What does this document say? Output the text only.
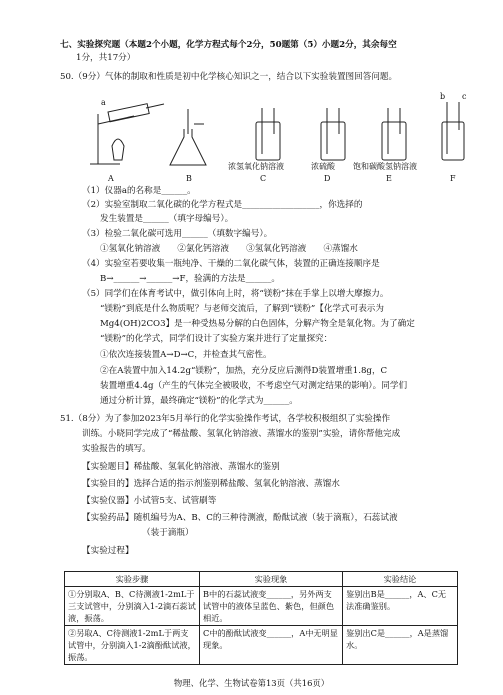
七、实验探究题（本题2个小题，化学方程式每个2分，50题第（5）小题2分，其余每空
1分，共17分）
50.（9分）气体的制取和性质是初中化学核心知识之一，结合以下实验装置图回答问题。
a
b c
浓氢氧化钠溶液	浓硫酸 饱和碳酸氢钠溶液
A	B	C	D	E	F
（1）仪器a的名称是______。
（2）实验室制取二氧化碳的化学方程式是__________________，你选择的
发生装置是______（填字母编号）。
（3）检验二氧化碳可选用______（填数字编号）。
①氢氧化钠溶液　　②氯化钙溶液　　③氢氧化钙溶液　　④蒸馏水
（4）实验室若要收集一瓶纯净、干燥的二氧化碳气体，装置的正确连接顺序是
B→______→______→F，验满的方法是______。
（5）同学们在体育考试中，做引体向上时，将“镁粉”抹在手掌上以增大摩擦力。
“镁粉”到底是什么物质呢？与老师交流后，了解到“镁粉”【化学式可表示为
Mg4(OH)2CO3】是一种受热易分解的白色固体，分解产物全是氧化物。为了确定
“镁粉”的化学式，同学们设计了实验方案并进行了定量探究：
①依次连接装置A→D→C，并检查其气密性。
②在A装置中加入14.2g“镁粉”，加热，充分反应后测得D装置增重1.8g，C
装置增重4.4g（产生的气体完全被吸收，不考虑空气对测定结果的影响）。同学们
通过分析计算，最终确定“镁粉”的化学式为______。
51.（8分）为了参加2023年5月举行的化学实验操作考试，各学校积极组织了实验操作
训练。小晓同学完成了“稀盐酸、氢氧化钠溶液、蒸馏水的鉴别”实验，请你帮他完成
实验报告的填写。
【实验题目】稀盐酸、氢氧化钠溶液、蒸馏水的鉴别
【实验目的】选择合适的指示剂鉴别稀盐酸、氢氧化钠溶液、蒸馏水
【实验仪器】小试管5支、试管刷等
【实验药品】随机编号为A、B、C的三种待测液，酚酞试液（装于滴瓶），石蕊试液
（装于滴瓶）
【实验过程】
实验步骤	实验现象	实验结论
①分别取A、B、C待测液1-2mL于三支试管中，分别滴入1-2滴石蕊试液，振荡。	B中的石蕊试液变______，另外两支试管中的液体呈蓝色、紫色，但颜色相近。	鉴别出B是______，A、C无法准确鉴别。
②另取A、C待测液1-2mL于两支试管中，分别滴入1-2滴酚酞试液，振荡。	C中的酚酞试液变______，A中无明显现象。	鉴别出C是______，A是蒸馏水。
物理、化学、生物试卷第13页（共16页）
